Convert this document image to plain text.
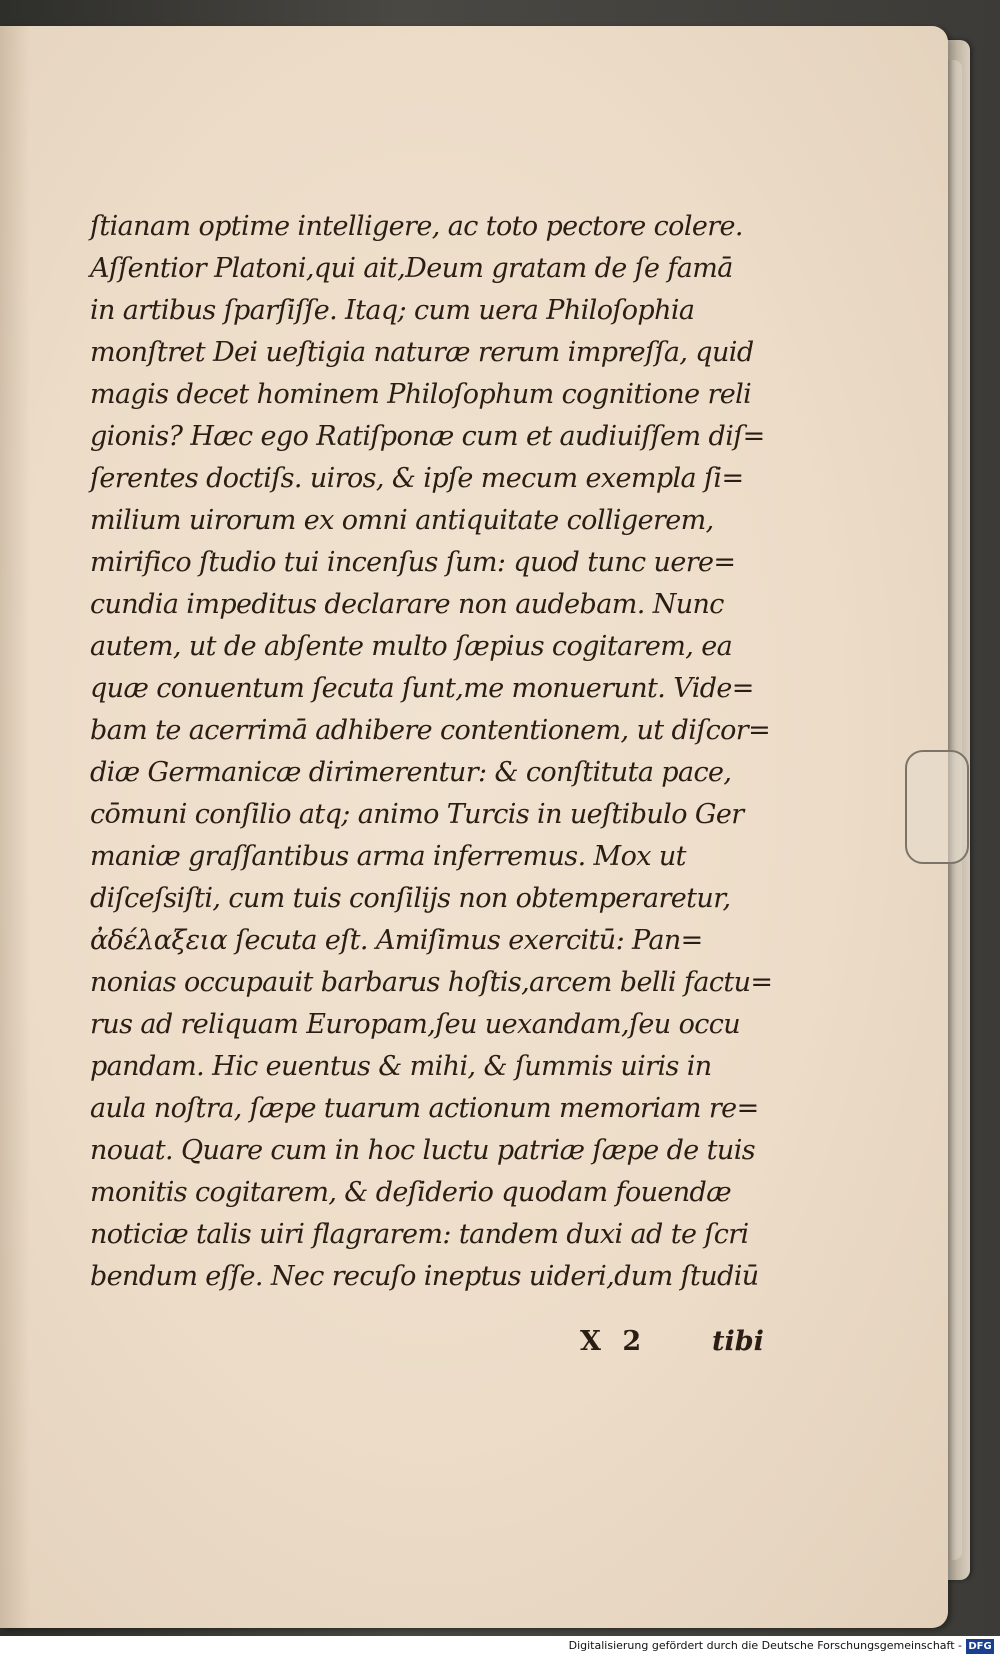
ſtianam optime intelligere, ac toto pectore colere.
Aſſentior Platoni,qui ait,Deum gratam de ſe famā
in artibus ſparſiſſe. Itaq; cum uera Philoſophia
monſtret Dei ueſtigia naturæ rerum impreſſa, quid
magis decet hominem Philoſophum cognitione reli
gionis? Hæc ego Ratiſponæ cum et audiuiſſem diſ=
ſerentes doctiſs. uiros, & ipſe mecum exempla ſi=
milium uirorum ex omni antiquitate colligerem,
mirifico ſtudio tui incenſus ſum: quod tunc uere=
cundia impeditus declarare non audebam. Nunc
autem, ut de abſente multo ſæpius cogitarem, ea
quæ conuentum ſecuta ſunt,me monuerunt. Vide=
bam te acerrimā adhibere contentionem, ut diſcor=
diæ Germanicæ dirimerentur: & conſtituta pace,
cōmuni conſilio atq; animo Turcis in ueſtibulo Ger
maniæ graſſantibus arma inferremus. Mox ut
diſceſsiſti, cum tuis conſilijs non obtemperaretur,
ἀδέλαξεια ſecuta eſt. Amiſimus exercitū: Pan=
nonias occupauit barbarus hoſtis,arcem belli factu=
rus ad reliquam Europam,ſeu uexandam,ſeu occu
pandam. Hic euentus & mihi, & ſummis uiris in
aula noſtra, ſæpe tuarum actionum memoriam re=
nouat. Quare cum in hoc luctu patriæ ſæpe de tuis
monitis cogitarem, & deſiderio quodam fouendæ
noticiæ talis uiri flagrarem: tandem duxi ad te ſcri
bendum eſſe. Nec recuſo ineptus uideri,dum ſtudiū
X 2 tibi
Digitalisierung gefördert durch die Deutsche Forschungsgemeinschaft - DFG
